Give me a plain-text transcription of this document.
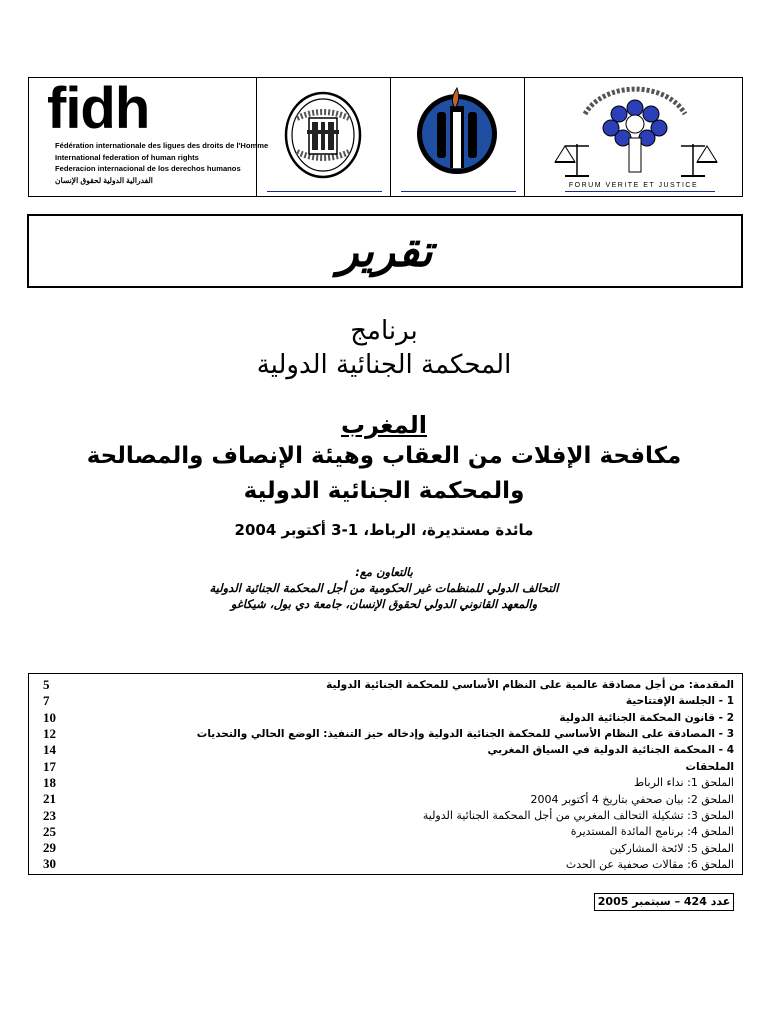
fidh
Fédération internationale des ligues des droits de l'Homme
International federation of human rights
Federacion internacional de los derechos humanos
الفدرالية الدولية لحقوق الإنسان
FORUM VERITE ET JUSTICE
تقرير
برنامج
المحكمة الجنائية الدولية
المغرب
مكافحة الإفلات من العقاب وهيئة الإنصاف والمصالحة
والمحكمة الجنائية الدولية
مائدة مستديرة، الرباط، 1-3 أكتوبر 2004
بالتعاون مع:
التحالف الدولي للمنظمات غير الحكومية من أجل المحكمة الجنائية الدولية
والمعهد القانوني الدولي لحقوق الإنسان، جامعة دي بول، شيكاغو
5	المقدمة: من أجل مصادقة عالمية على النظام الأساسي للمحكمة الجنائية الدولية
7	1 - الجلسة الإفتتاحية
10	2 - قانون المحكمة الجنائية الدولية
12	3 - المصادقة على النظام الأساسي للمحكمة الجنائية الدولية وإدخاله حيز التنفيذ: الوضع الحالي والتحديات
14	4 - المحكمة الجنائية الدولية في السياق المغربي
17	الملحقات
18	الملحق 1: نداء الرباط
21	الملحق 2: بيان صحفي بتاريخ 4 أكتوبر 2004
23	الملحق 3: تشكيلة التحالف المغربي من أجل المحكمة الجنائية الدولية
25	الملحق 4: برنامج المائدة المستديرة
29	الملحق 5: لائحة المشاركين
30	الملحق 6: مقالات صحفية عن الحدث
عدد 424 – سبتمبر 2005
